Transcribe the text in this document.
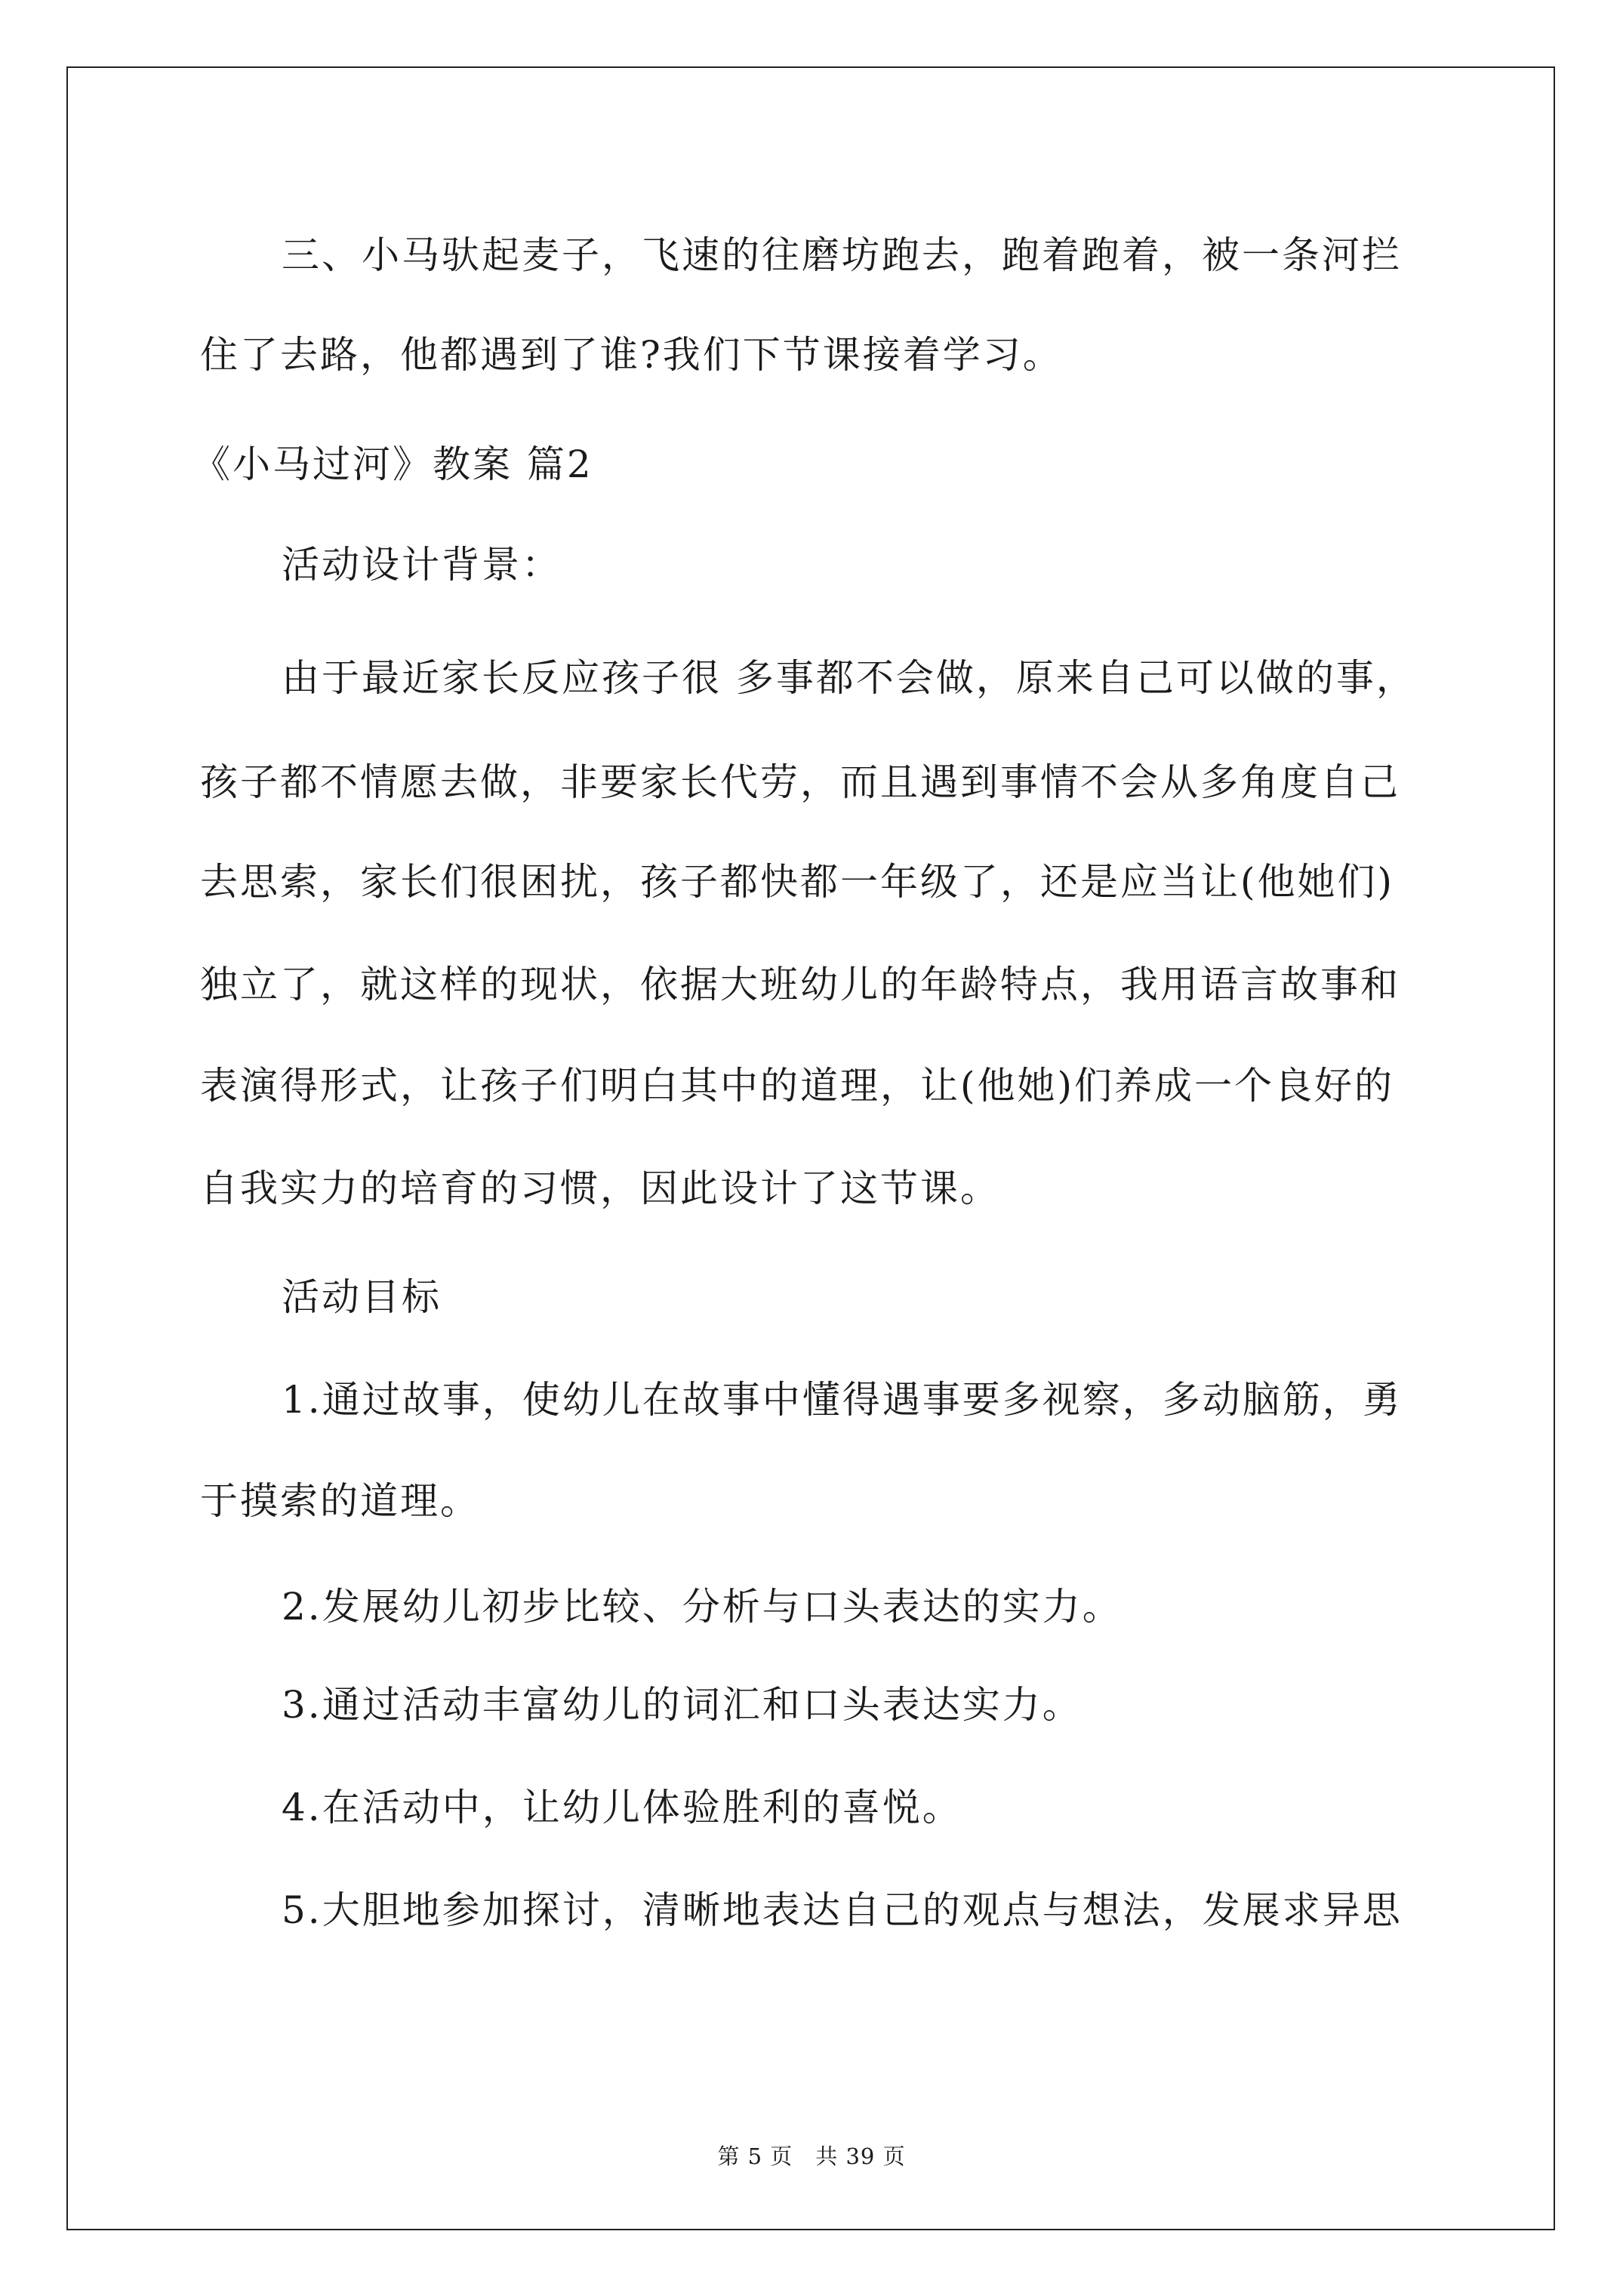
三、小马驮起麦子，飞速的往磨坊跑去，跑着跑着，被一条河拦
住了去路，他都遇到了谁?我们下节课接着学习。
《小马过河》教案 篇2
活动设计背景：
由于最近家长反应孩子很 多事都不会做，原来自己可以做的事，
孩子都不情愿去做，非要家长代劳，而且遇到事情不会从多角度自己
去思索，家长们很困扰，孩子都快都一年级了，还是应当让(他她们)
独立了，就这样的现状，依据大班幼儿的年龄特点，我用语言故事和
表演得形式，让孩子们明白其中的道理，让(他她)们养成一个良好的
自我实力的培育的习惯，因此设计了这节课。
活动目标
1.通过故事，使幼儿在故事中懂得遇事要多视察，多动脑筋，勇
于摸索的道理。
2.发展幼儿初步比较、分析与口头表达的实力。
3.通过活动丰富幼儿的词汇和口头表达实力。
4.在活动中，让幼儿体验胜利的喜悦。
5.大胆地参加探讨，清晰地表达自己的观点与想法，发展求异思
第 5 页　共 39 页
